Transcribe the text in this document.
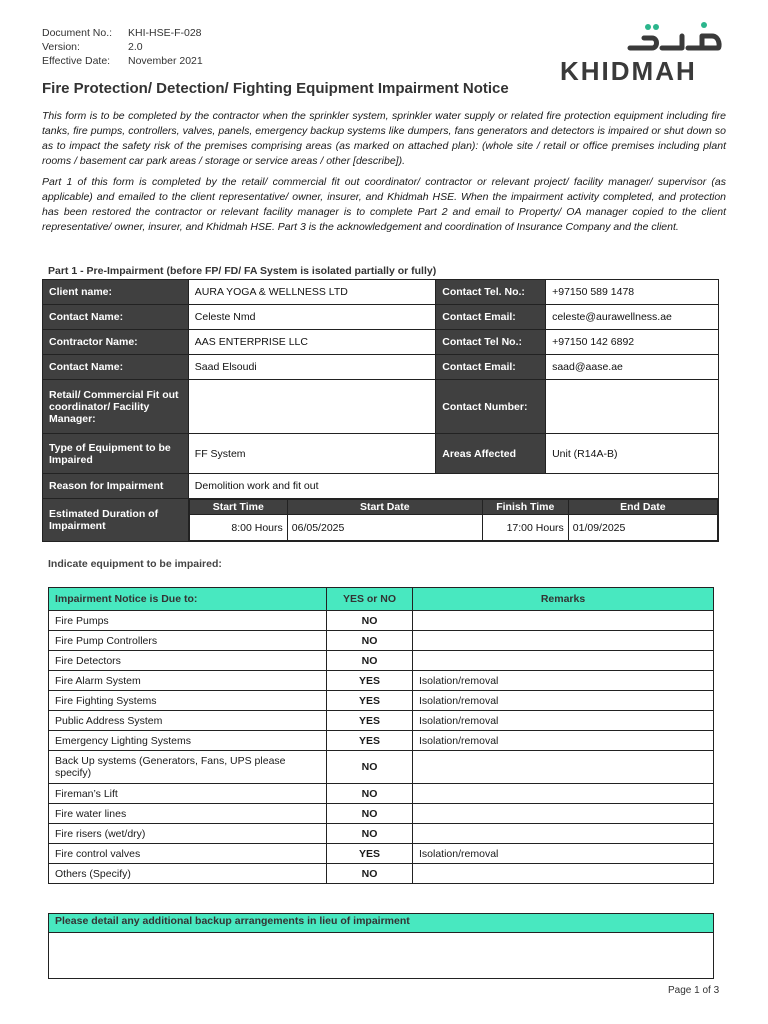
Document No.:	KHI-HSE-F-028
Version:	2.0
Effective Date:	November 2021	KHIDMAH
Fire Protection/ Detection/ Fighting Equipment Impairment Notice

This form is to be completed by the contractor when the sprinkler system, sprinkler water supply or related fire protection equipment including fire tanks, fire pumps, controllers, valves, panels, emergency backup systems like dumpers, fans generators and detectors is impaired or shut down so as to impact the safety risk of the premises comprising areas (as marked on attached plan): (whole site / retail or office premises including plant rooms / basement car park areas / storage or service areas / other [describe]).

Part 1 of this form is completed by the retail/ commercial fit out coordinator/ contractor or relevant project/ facility manager/ supervisor (as applicable) and emailed to the client representative/ owner, insurer, and Khidmah HSE. When the impairment activity completed, and protection has been restored the contractor or relevant facility manager is to complete Part 2 and email to Property/ OA manager copied to the client representative/ owner, insurer, and Khidmah HSE. Part 3 is the acknowledgement and coordination of Insurance Company and the client.

Part 1 - Pre-Impairment (before FP/ FD/ FA System is isolated partially or fully)
Client name:	AURA YOGA & WELLNESS LTD	Contact Tel. No.:	+97150 589 1478
Contact Name:	Celeste Nmd	Contact Email:	celeste@aurawellness.ae
Contractor Name:	AAS ENTERPRISE LLC	Contact Tel No.:	+97150 142 6892
Contact Name:	Saad Elsoudi	Contact Email:	saad@aase.ae
Retail/ Commercial Fit out coordinator/ Facility Manager:		Contact Number:	
Type of Equipment to be Impaired	FF System	Areas Affected	Unit (R14A-B)
Reason for Impairment	Demolition work and fit out
Estimated Duration of Impairment	
Start Time	Start Date	Finish Time	End Date
8:00 Hours	06/05/2025	17:00 Hours	01/09/2025
Indicate equipment to be impaired:
Impairment Notice is Due to:	YES or NO	Remarks
Fire Pumps	NO	
Fire Pump Controllers	NO	
Fire Detectors	NO	
Fire Alarm System	YES	Isolation/removal
Fire Fighting Systems	YES	Isolation/removal
Public Address System	YES	Isolation/removal
Emergency Lighting Systems	YES	Isolation/removal
Back Up systems (Generators, Fans, UPS please specify)	NO	
Fireman’s Lift	NO	
Fire water lines	NO	
Fire risers (wet/dry)	NO	
Fire control valves	YES	Isolation/removal
Others (Specify)	NO	
Please detail any additional backup arrangements in lieu of impairment
Page 1 of 3
